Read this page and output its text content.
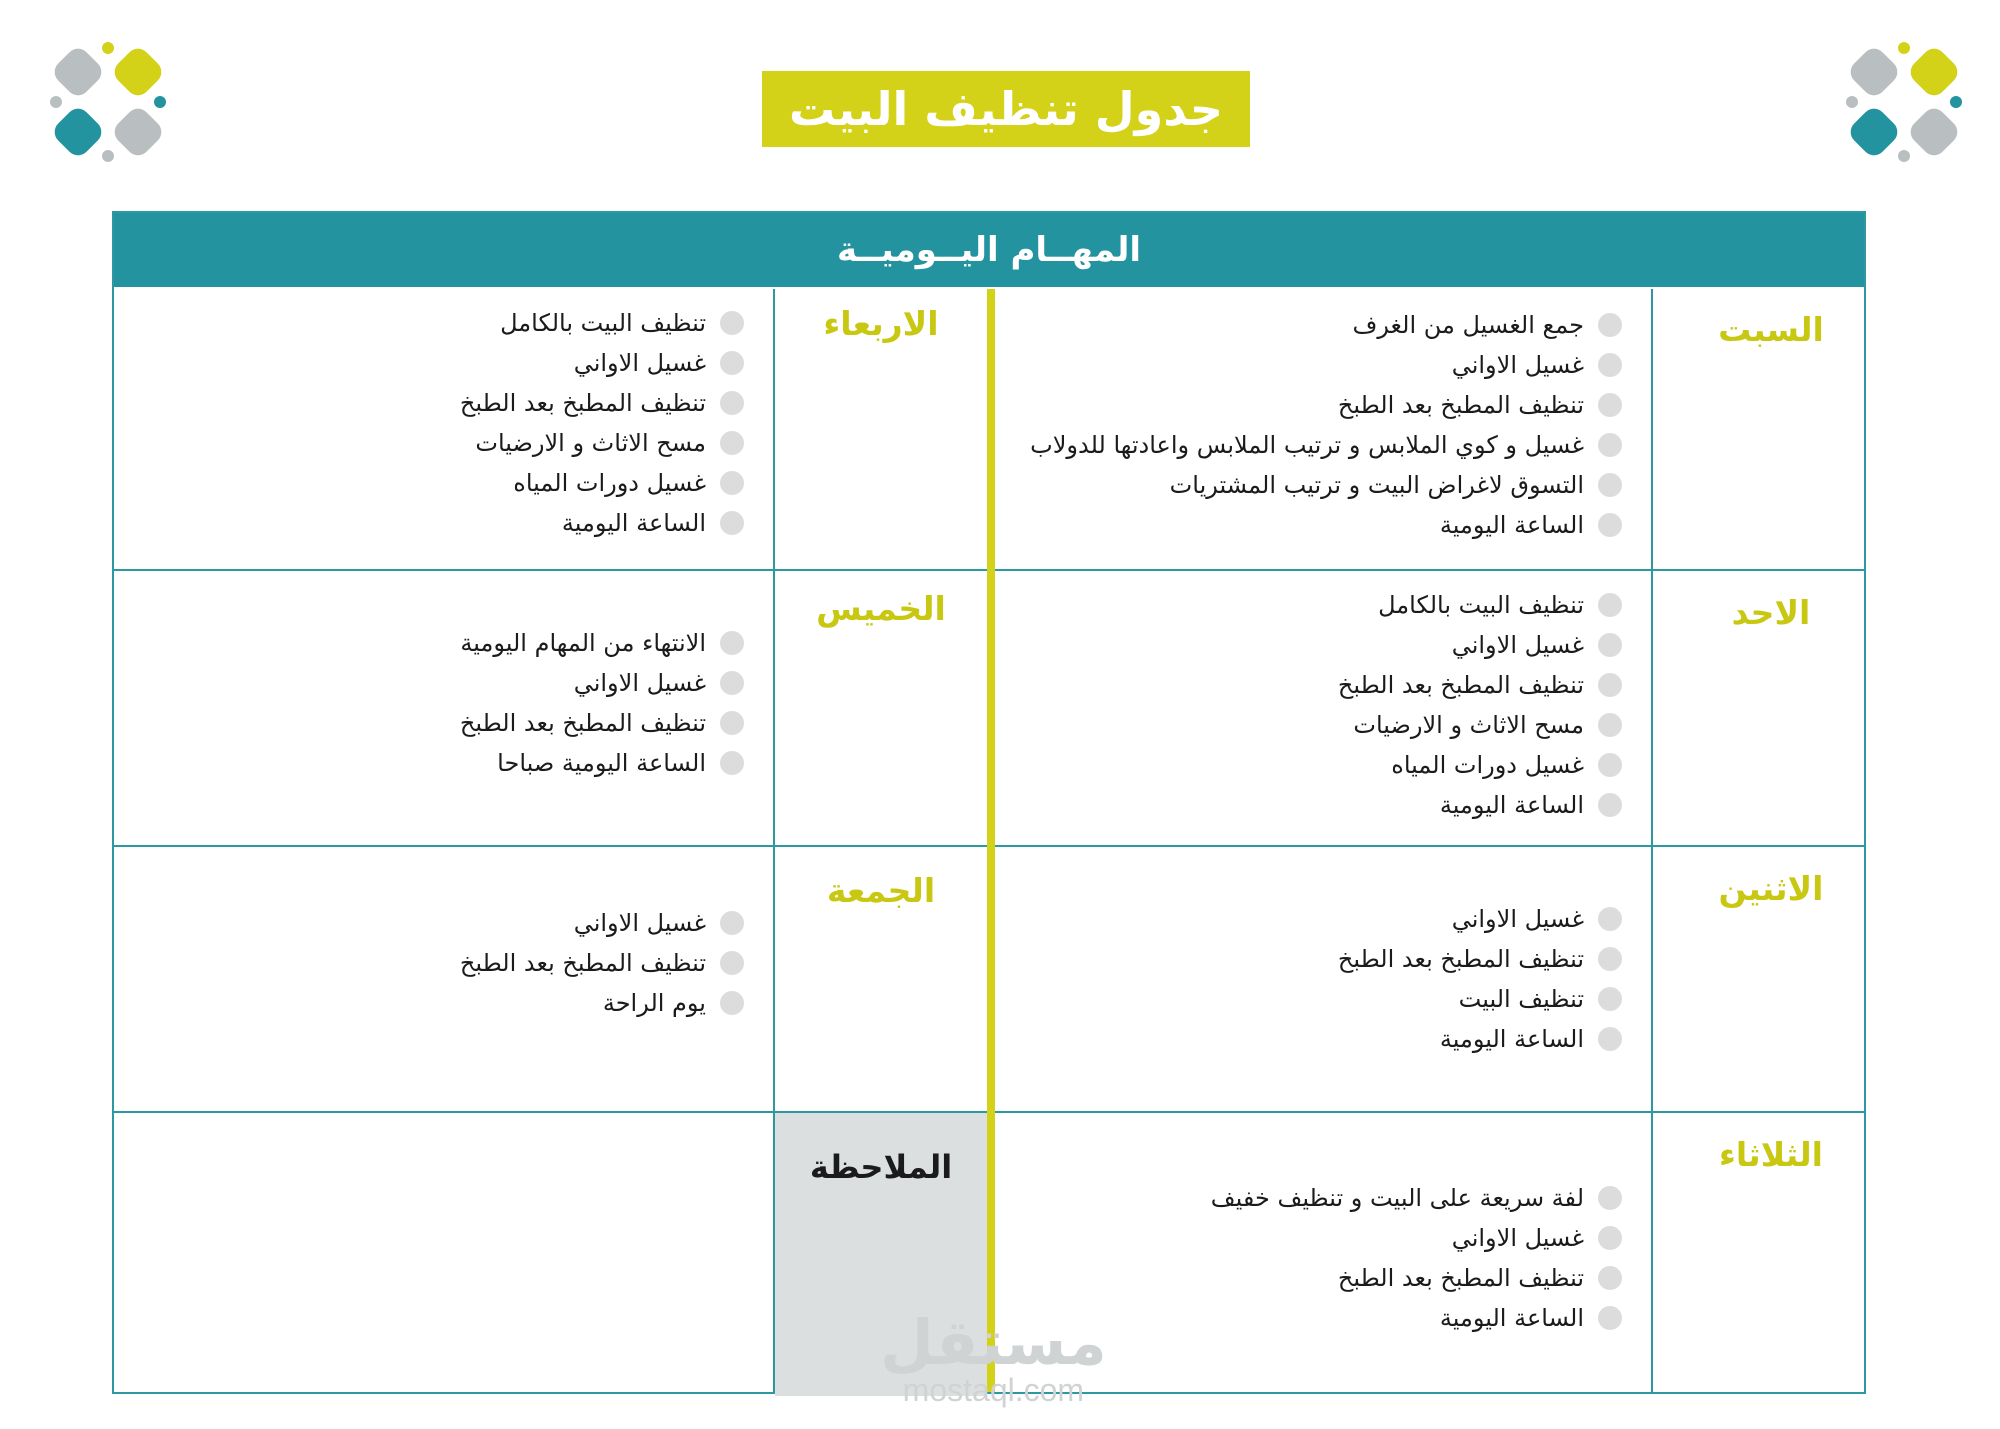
جدول تنظيف البيت
المهــام اليــوميــة
السبت
الاحد
الاثنين
الثلاثاء
الاربعاء
الخميس
الجمعة
الملاحظة
جمع الغسيل من الغرف
غسيل الاواني
تنظيف المطبخ بعد الطبخ
غسيل و كوي الملابس و ترتيب الملابس واعادتها للدولاب
التسوق لاغراض البيت و ترتيب المشتريات
الساعة اليومية
تنظيف البيت بالكامل
غسيل الاواني
تنظيف المطبخ بعد الطبخ
مسح الاثاث و الارضيات
غسيل دورات المياه
الساعة اليومية
غسيل الاواني
تنظيف المطبخ بعد الطبخ
تنظيف البيت
الساعة اليومية
لفة سريعة على البيت و تنظيف خفيف
غسيل الاواني
تنظيف المطبخ بعد الطبخ
الساعة اليومية
تنظيف البيت بالكامل
غسيل الاواني
تنظيف المطبخ بعد الطبخ
مسح الاثاث و الارضيات
غسيل دورات المياه
الساعة اليومية
الانتهاء من المهام اليومية
غسيل الاواني
تنظيف المطبخ بعد الطبخ
الساعة اليومية صباحا
غسيل الاواني
تنظيف المطبخ بعد الطبخ
يوم الراحة
مستقل
mostaql.com
